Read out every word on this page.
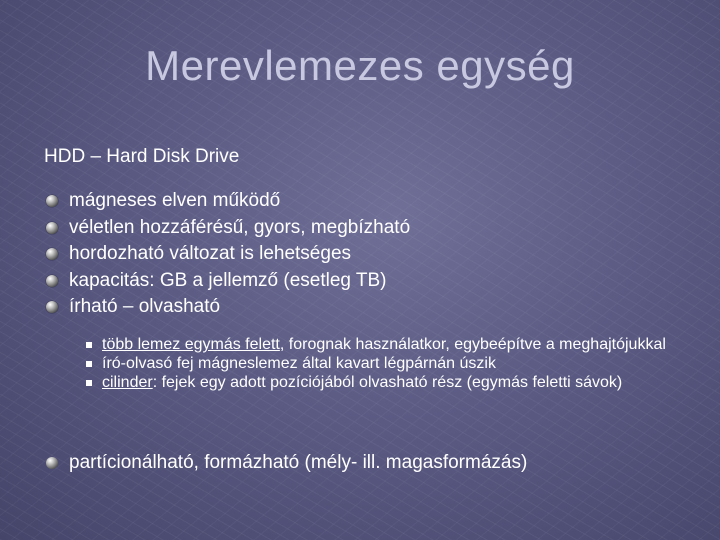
Merevlemezes egység
HDD – Hard Disk Drive
mágneses elven működő
véletlen hozzáférésű, gyors, megbízható
hordozható változat is lehetséges
kapacitás: GB a jellemző (esetleg TB)
írható – olvasható
több lemez egymás felett, forognak használatkor, egybeépítve a meghajtójukkal
író-olvasó fej mágneslemez által kavart légpárnán úszik
cilinder: fejek egy adott pozíciójából olvasható rész (egymás feletti sávok)
partícionálható, formázható (mély- ill. magasformázás)
